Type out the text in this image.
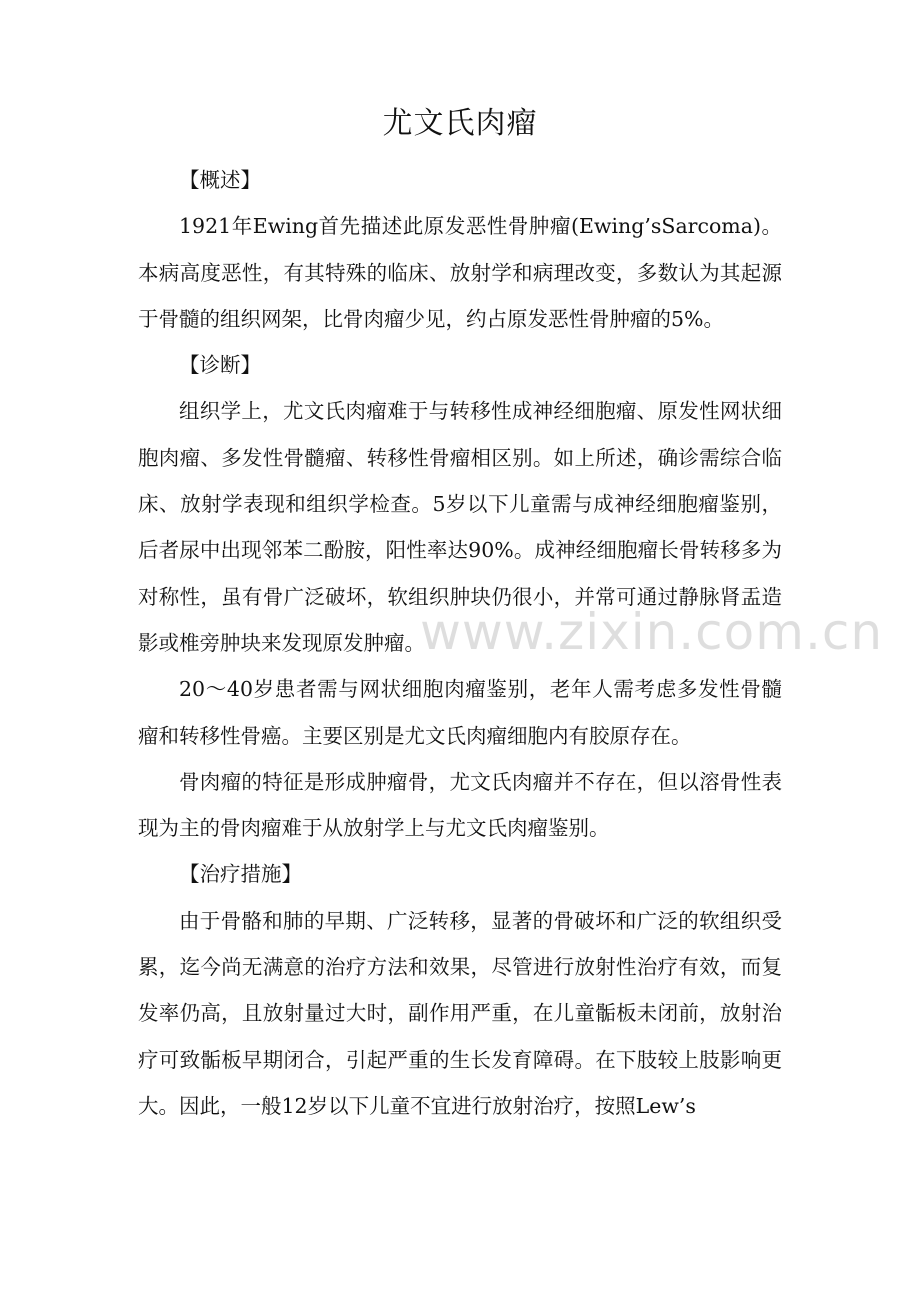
尤文氏肉瘤

【概述】

1921年Ewing首先描述此原发恶性骨肿瘤(Ewing’sSarcoma)。本病高度恶性，有其特殊的临床、放射学和病理改变，多数认为其起源于骨髓的组织网架，比骨肉瘤少见，约占原发恶性骨肿瘤的5%。

【诊断】

组织学上，尤文氏肉瘤难于与转移性成神经细胞瘤、原发性网状细胞肉瘤、多发性骨髓瘤、转移性骨瘤相区别。如上所述，确诊需综合临床、放射学表现和组织学检查。5岁以下儿童需与成神经细胞瘤鉴别，后者尿中出现邻苯二酚胺，阳性率达90%。成神经细胞瘤长骨转移多为对称性，虽有骨广泛破坏，软组织肿块仍很小，并常可通过静脉肾盂造影或椎旁肿块来发现原发肿瘤。

20～40岁患者需与网状细胞肉瘤鉴别，老年人需考虑多发性骨髓瘤和转移性骨癌。主要区别是尤文氏肉瘤细胞内有胶原存在。

骨肉瘤的特征是形成肿瘤骨，尤文氏肉瘤并不存在，但以溶骨性表现为主的骨肉瘤难于从放射学上与尤文氏肉瘤鉴别。

【治疗措施】

由于骨骼和肺的早期、广泛转移，显著的骨破坏和广泛的软组织受累，迄今尚无满意的治疗方法和效果，尽管进行放射性治疗有效，而复发率仍高，且放射量过大时，副作用严重，在儿童骺板未闭前，放射治疗可致骺板早期闭合，引起严重的生长发育障碍。在下肢较上肢影响更大。因此，一般12岁以下儿童不宜进行放射治疗，按照Lew’s

www.zixin.com.cn
